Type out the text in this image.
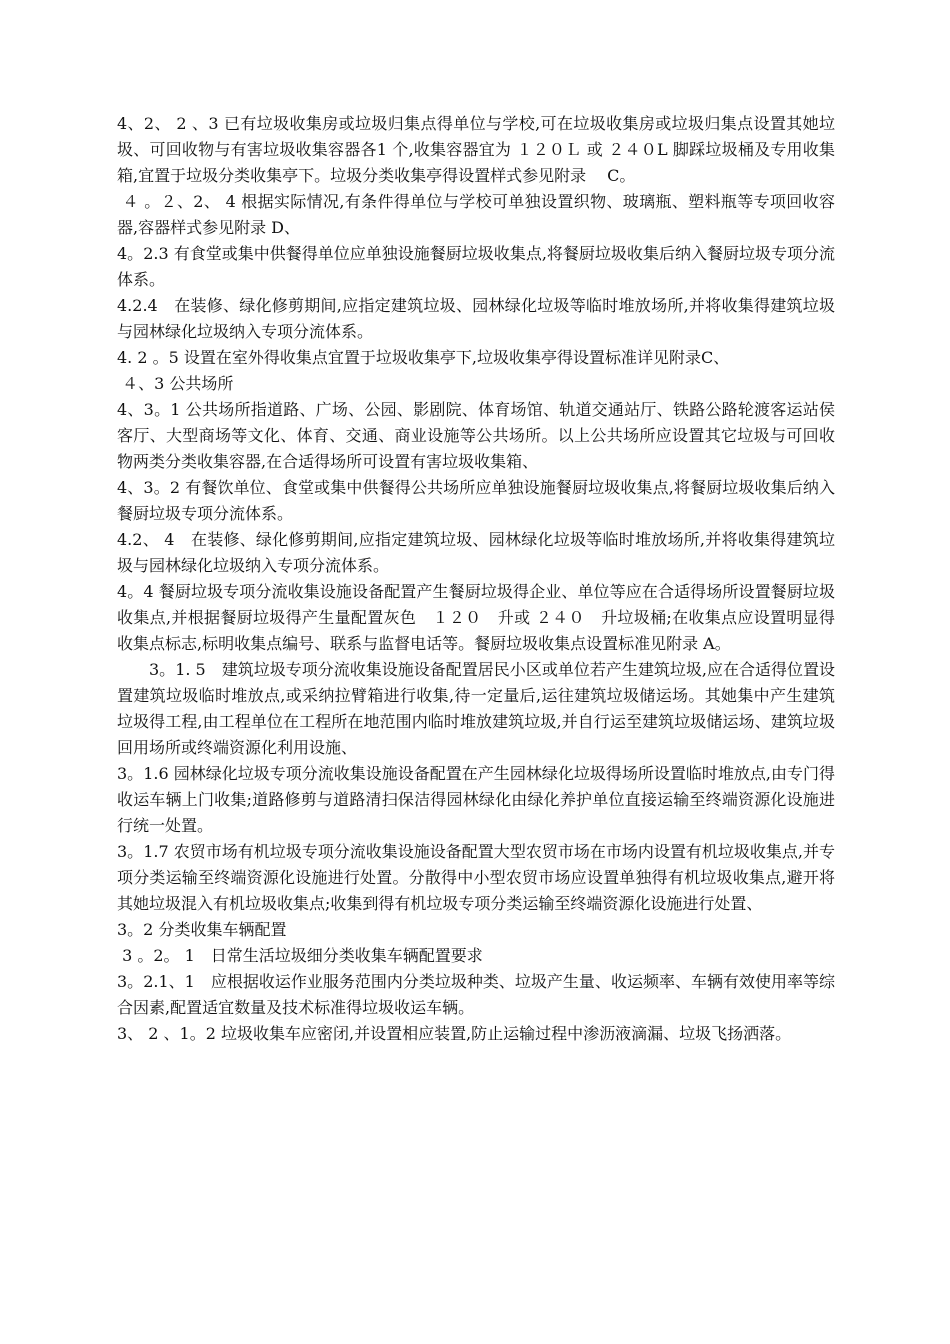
4、2、 2 、3 已有垃圾收集房或垃圾归集点得单位与学校,可在垃圾收集房或垃圾归集点设置其她垃圾、可回收物与有害垃圾收集容器各1 个,收集容器宜为 １２０Ｌ 或 ２４０L 脚踩垃圾桶及专用收集箱,宜置于垃圾分类收集亭下。垃圾分类收集亭得设置样式参见附录 　C。

４ 。２、2、 4 根据实际情况,有条件得单位与学校可单独设置织物、玻璃瓶、塑料瓶等专项回收容器,容器样式参见附录 D、

4。2.3 有食堂或集中供餐得单位应单独设施餐厨垃圾收集点,将餐厨垃圾收集后纳入餐厨垃圾专项分流体系。

4.2.4　在装修、绿化修剪期间,应指定建筑垃圾、园林绿化垃圾等临时堆放场所,并将收集得建筑垃圾与园林绿化垃圾纳入专项分流体系。

4. 2 。5 设置在室外得收集点宜置于垃圾收集亭下,垃圾收集亭得设置标准详见附录C、

４、3 公共场所

4、3。1 公共场所指道路、广场、公园、影剧院、体育场馆、轨道交通站厅、铁路公路轮渡客运站侯客厅、大型商场等文化、体育、交通、商业设施等公共场所。以上公共场所应设置其它垃圾与可回收物两类分类收集容器,在合适得场所可设置有害垃圾收集箱、

4、3。2 有餐饮单位、食堂或集中供餐得公共场所应单独设施餐厨垃圾收集点,将餐厨垃圾收集后纳入餐厨垃圾专项分流体系。

4.2、 4　在装修、绿化修剪期间,应指定建筑垃圾、园林绿化垃圾等临时堆放场所,并将收集得建筑垃圾与园林绿化垃圾纳入专项分流体系。

4。4 餐厨垃圾专项分流收集设施设备配置产生餐厨垃圾得企业、单位等应在合适得场所设置餐厨垃圾收集点,并根据餐厨垃圾得产生量配置灰色　１２０　升或 ２４０　升垃圾桶;在收集点应设置明显得收集点标志,标明收集点编号、联系与监督电话等。餐厨垃圾收集点设置标准见附录 A。

3。1. 5　建筑垃圾专项分流收集设施设备配置居民小区或单位若产生建筑垃圾,应在合适得位置设置建筑垃圾临时堆放点,或采纳拉臂箱进行收集,待一定量后,运往建筑垃圾储运场。其她集中产生建筑垃圾得工程,由工程单位在工程所在地范围内临时堆放建筑垃圾,并自行运至建筑垃圾储运场、建筑垃圾回用场所或终端资源化利用设施、

3。1.6 园林绿化垃圾专项分流收集设施设备配置在产生园林绿化垃圾得场所设置临时堆放点,由专门得收运车辆上门收集;道路修剪与道路清扫保洁得园林绿化由绿化养护单位直接运输至终端资源化设施进行统一处置。

3。1.7 农贸市场有机垃圾专项分流收集设施设备配置大型农贸市场在市场内设置有机垃圾收集点,并专项分类运输至终端资源化设施进行处置。分散得中小型农贸市场应设置单独得有机垃圾收集点,避开将其她垃圾混入有机垃圾收集点;收集到得有机垃圾专项分类运输至终端资源化设施进行处置、

3。2 分类收集车辆配置

3 。2。 1　日常生活垃圾细分类收集车辆配置要求

3。2.1、1　应根据收运作业服务范围内分类垃圾种类、垃圾产生量、收运频率、车辆有效使用率等综合因素,配置适宜数量及技术标准得垃圾收运车辆。

3、 2 、1。2 垃圾收集车应密闭,并设置相应装置,防止运输过程中渗沥液滴漏、垃圾飞扬洒落。
